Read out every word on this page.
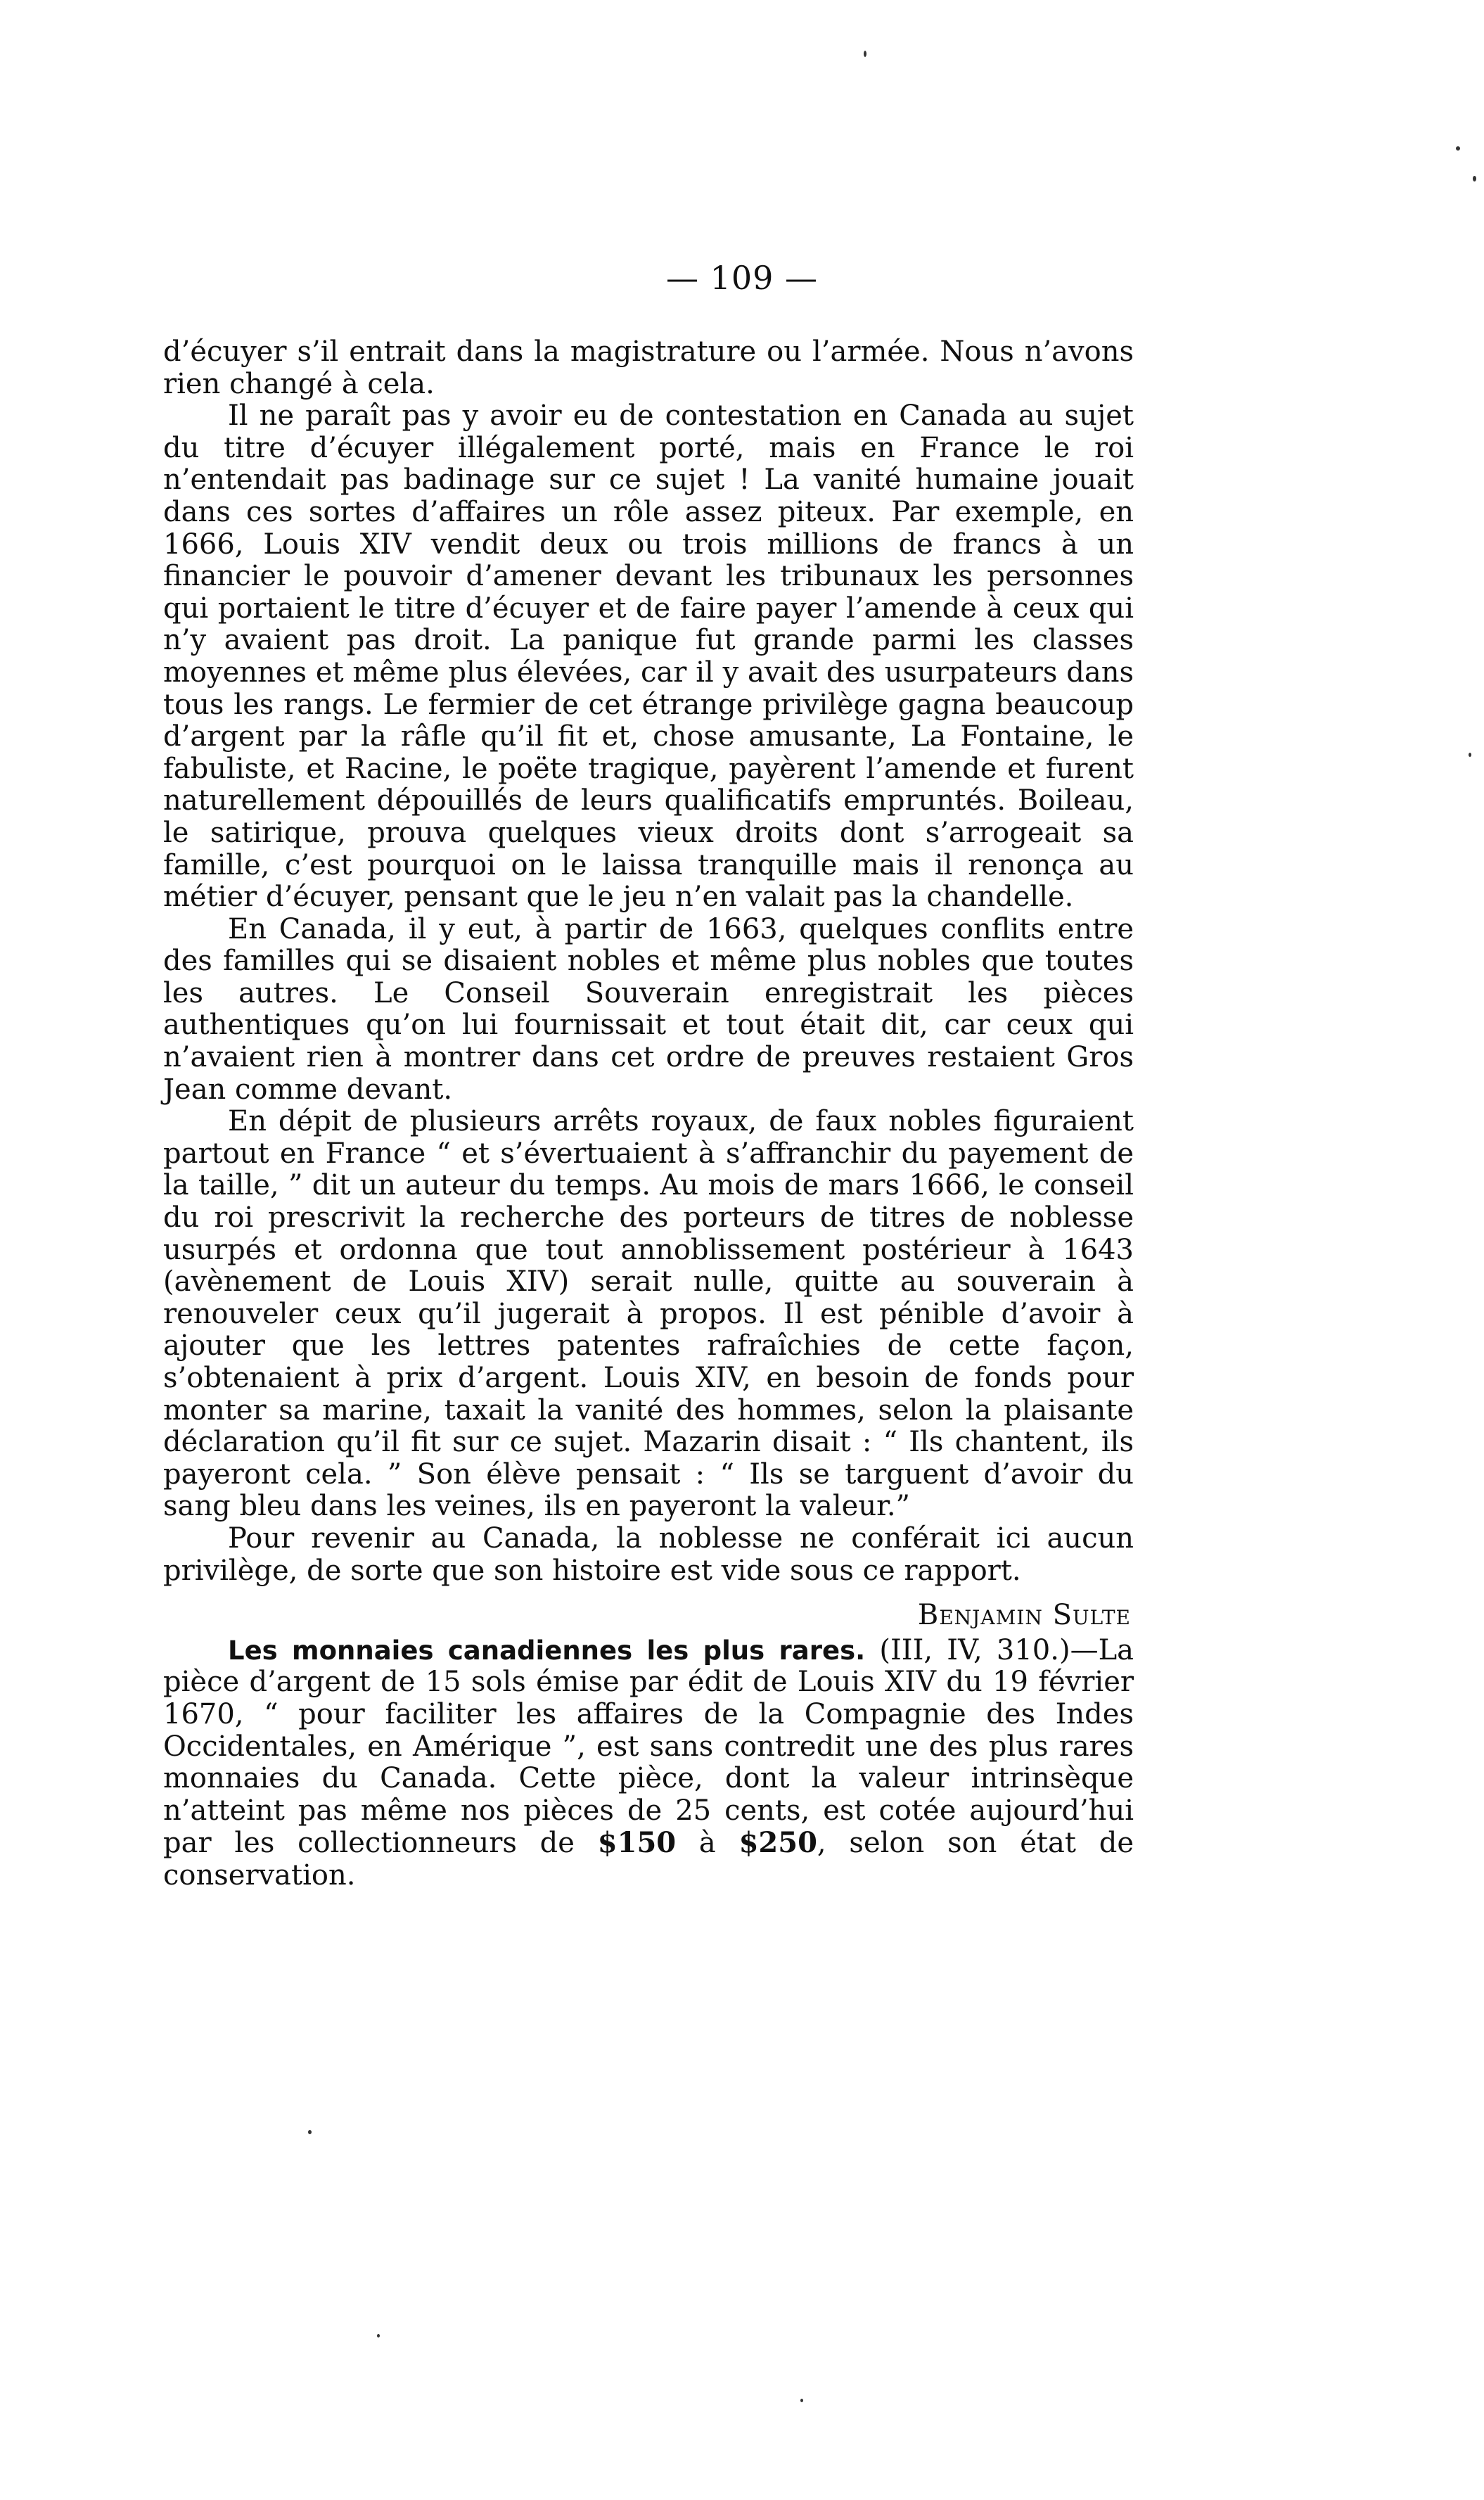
— 109 —

d’écuyer s’il entrait dans la magistrature ou l’armée. Nous n’avons rien changé à cela.

Il ne paraît pas y avoir eu de contestation en Canada au sujet du titre d’écuyer illégalement porté, mais en France le roi n’entendait pas badinage sur ce sujet ! La vanité humaine jouait dans ces sortes d’affaires un rôle assez piteux. Par exemple, en 1666, Louis XIV vendit deux ou trois millions de francs à un financier le pouvoir d’amener devant les tribunaux les personnes qui portaient le titre d’écuyer et de faire payer l’amende à ceux qui n’y avaient pas droit. La panique fut grande parmi les classes moyennes et même plus élevées, car il y avait des usurpateurs dans tous les rangs. Le fermier de cet étrange privilège gagna beaucoup d’argent par la râfle qu’il fit et, chose amusante, La Fontaine, le fabuliste, et Racine, le poëte tragique, payèrent l’amende et furent naturellement dépouillés de leurs qualificatifs empruntés. Boileau, le satirique, prouva quelques vieux droits dont s’arrogeait sa famille, c’est pourquoi on le laissa tranquille mais il renonça au métier d’écuyer, pensant que le jeu n’en valait pas la chandelle.

En Canada, il y eut, à partir de 1663, quelques conflits entre des familles qui se disaient nobles et même plus nobles que toutes les autres. Le Conseil Souverain enregistrait les pièces authentiques qu’on lui fournissait et tout était dit, car ceux qui n’avaient rien à montrer dans cet ordre de preuves restaient Gros Jean comme devant.

En dépit de plusieurs arrêts royaux, de faux nobles figuraient partout en France “ et s’évertuaient à s’affranchir du payement de la taille, ” dit un auteur du temps. Au mois de mars 1666, le conseil du roi prescrivit la recherche des porteurs de titres de noblesse usurpés et ordonna que tout annoblissement postérieur à 1643 (avènement de Louis XIV) serait nulle, quitte au souverain à renouveler ceux qu’il jugerait à propos. Il est pénible d’avoir à ajouter que les lettres patentes rafraîchies de cette façon, s’obtenaient à prix d’argent. Louis XIV, en besoin de fonds pour monter sa marine, taxait la vanité des hommes, selon la plaisante déclaration qu’il fit sur ce sujet. Mazarin disait : “ Ils chantent, ils payeront cela. ” Son élève pensait : “ Ils se targuent d’avoir du sang bleu dans les veines, ils en payeront la valeur.”

Pour revenir au Canada, la noblesse ne conférait ici aucun privilège, de sorte que son histoire est vide sous ce rapport.

Benjamin Sulte

Les monnaies canadiennes les plus rares. (III, IV, 310.)—La pièce d’argent de 15 sols émise par édit de Louis XIV du 19 février 1670, “ pour faciliter les affaires de la Compagnie des Indes Occidentales, en Amérique ”, est sans contredit une des plus rares monnaies du Canada. Cette pièce, dont la valeur intrinsèque n’atteint pas même nos pièces de 25 cents, est cotée aujourd’hui par les collectionneurs de $150 à $250, selon son état de conservation.
